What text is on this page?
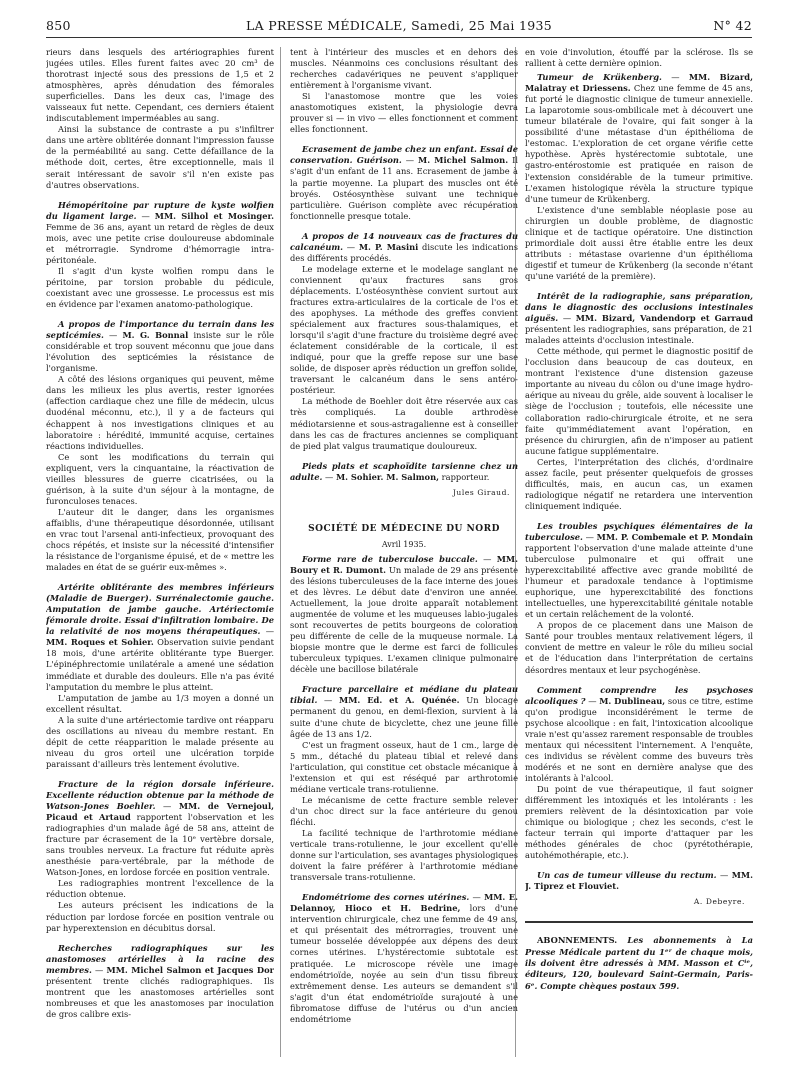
850	LA PRESSE MÉDICALE, Samedi, 25 Mai 1935	N° 42

rieurs dans lesquels des artériographies furent jugées utiles. Elles furent faites avec 20 cm³ de thorotrast injecté sous des pressions de 1,5 et 2 atmosphères, après dénudation des fémorales superficielles. Dans les deux cas, l'image des vaisseaux fut nette. Cependant, ces derniers étaient indiscutablement imperméables au sang.

Ainsi la substance de contraste a pu s'infiltrer dans une artère oblitérée donnant l'impression fausse de la perméabilité au sang. Cette défaillance de la méthode doit, certes, être exceptionnelle, mais il serait intéressant de savoir s'il n'en existe pas d'autres observations.

Hémopéritoine par rupture de kyste wolfien du ligament large. — MM. Silhol et Mosinger. Femme de 36 ans, ayant un retard de règles de deux mois, avec une petite crise douloureuse abdominale et métrorragie. Syndrome d'hémorragie intra-péritonéale.

Il s'agit d'un kyste wolfien rompu dans le péritoine, par torsion probable du pédicule, coexistant avec une grossesse. Le processus est mis en évidence par l'examen anatomo-pathologique.

A propos de l'importance du terrain dans les septicémies. — M. G. Bonnal insiste sur le rôle considérable et trop souvent méconnu que joue dans l'évolution des septicémies la résistance de l'organisme.

A côté des lésions organiques qui peuvent, même dans les milieux les plus avertis, rester ignorées (affection cardiaque chez une fille de médecin, ulcus duodénal méconnu, etc.), il y a de facteurs qui échappent à nos investigations cliniques et au laboratoire : hérédité, immunité acquise, certaines réactions individuelles.

Ce sont les modifications du terrain qui expliquent, vers la cinquantaine, la réactivation de vieilles blessures de guerre cicatrisées, ou la guérison, à la suite d'un séjour à la montagne, de furonculoses tenaces.

L'auteur dit le danger, dans les organismes affaiblis, d'une thérapeutique désordonnée, utilisant en vrac tout l'arsenal anti-infectieux, provoquant des chocs répétés, et insiste sur la nécessité d'intensifier la résistance de l'organisme épuisé, et de « mettre les malades en état de se guérir eux-mêmes ».

Artérite oblitérante des membres inférieurs (Maladie de Buerger). Surrénalectomie gauche. Amputation de jambe gauche. Artériectomie fémorale droite. Essai d'infiltration lombaire. De la relativité de nos moyens thérapeutiques. — MM. Roques et Sohier. Observation suivie pendant 18 mois, d'une artérite oblitérante type Buerger. L'épinéphrectomie unilatérale a amené une sédation immédiate et durable des douleurs. Elle n'a pas évité l'amputation du membre le plus atteint.

L'amputation de jambe au 1/3 moyen a donné un excellent résultat.

A la suite d'une artériectomie tardive ont réapparu des oscillations au niveau du membre restant. En dépit de cette réapparition le malade présente au niveau du gros orteil une ulcération torpide paraissant d'ailleurs très lentement évolutive.

Fracture de la région dorsale inférieure. Excellente réduction obtenue par la méthode de Watson-Jones Boehler. — MM. de Vernejoul, Picaud et Artaud rapportent l'observation et les radiographies d'un malade âgé de 58 ans, atteint de fracture par écrasement de la 10ᵉ vertèbre dorsale, sans troubles nerveux. La fracture fut réduite après anesthésie para-vertébrale, par la méthode de Watson-Jones, en lordose forcée en position ventrale.

Les radiographies montrent l'excellence de la réduction obtenue.

Les auteurs précisent les indications de la réduction par lordose forcée en position ventrale ou par hyperextension en décubitus dorsal.

Recherches radiographiques sur les anastomoses artérielles à la racine des membres. — MM. Michel Salmon et Jacques Dor présentent trente clichés radiographiques. Ils montrent que les anastomoses artérielles sont nombreuses et que les anastomoses par inoculation de gros calibre exis-

tent à l'intérieur des muscles et en dehors des muscles. Néanmoins ces conclusions résultant des recherches cadavériques ne peuvent s'appliquer entièrement à l'organisme vivant.

Si l'anastomose montre que les voies anastomotiques existent, la physiologie devra prouver si — in vivo — elles fonctionnent et comment elles fonctionnent.

Ecrasement de jambe chez un enfant. Essai de conservation. Guérison. — M. Michel Salmon. Il s'agit d'un enfant de 11 ans. Ecrasement de jambe à la partie moyenne. La plupart des muscles ont été broyés. Ostéosynthèse suivant une technique particulière. Guérison complète avec récupération fonctionnelle presque totale.

A propos de 14 nouveaux cas de fractures du calcanéum. — M. P. Masini discute les indications des différents procédés.

Le modelage externe et le modelage sanglant ne conviennent qu'aux fractures sans gros déplacements. L'ostéosynthèse convient surtout aux fractures extra-articulaires de la corticale de l'os et des apophyses. La méthode des greffes convient spécialement aux fractures sous-thalamiques, et lorsqu'il s'agit d'une fracture du troisième degré avec éclatement considérable de la corticale, il est indiqué, pour que la greffe repose sur une base solide, de disposer après réduction un greffon solide, traversant le calcanéum dans le sens antéro-postérieur.

La méthode de Boehler doit être réservée aux cas très compliqués. La double arthrodèse médiotarsienne et sous-astragalienne est à conseiller dans les cas de fractures anciennes se compliquant de pied plat valgus traumatique douloureux.

Pieds plats et scaphoïdite tarsienne chez un adulte. — M. Sohier. M. Salmon, rapporteur.

Jules Giraud.

SOCIÉTÉ DE MÉDECINE DU NORD
Avril 1935.

Forme rare de tuberculose buccale. — MM. Boury et R. Dumont. Un malade de 29 ans présente des lésions tuberculeuses de la face interne des joues et des lèvres. Le début date d'environ une année. Actuellement, la joue droite apparaît notablement augmentée de volume et les muqueuses labio-jugales sont recouvertes de petits bourgeons de coloration peu différente de celle de la muqueuse normale. La biopsie montre que le derme est farci de follicules tuberculeux typiques. L'examen clinique pulmonaire décèle une bacillose bilatérale

Fracture parcellaire et médiane du plateau tibial. — MM. Ed. et A. Quénée. Un blocage permanent du genou, en demi-flexion, survient à la suite d'une chute de bicyclette, chez une jeune fille âgée de 13 ans 1/2.

C'est un fragment osseux, haut de 1 cm., large de 5 mm., détaché du plateau tibial et relevé dans l'articulation, qui constitue cet obstacle mécanique à l'extension et qui est réséqué par arthrotomie médiane verticale trans-rotulienne.

Le mécanisme de cette fracture semble relever d'un choc direct sur la face antérieure du genou fléchi.

La facilité technique de l'arthrotomie médiane verticale trans-rotulienne, le jour excellent qu'elle donne sur l'articulation, ses avantages physiologiques doivent la faire préférer à l'arthrotomie médiane transversale trans-rotulienne.

Endométriome des cornes utérines. — MM. E. Delannoy, Hioco et H. Bedrine, lors d'une intervention chirurgicale, chez une femme de 49 ans, et qui présentait des métrorragies, trouvent une tumeur bosselée développée aux dépens des deux cornes utérines. L'hystérectomie subtotale est pratiquée. Le microscope révèle une image endométrioïde, noyée au sein d'un tissu fibreux extrêmement dense. Les auteurs se demandent s'il s'agit d'un état endométrioïde surajouté à une fibromatose diffuse de l'utérus ou d'un ancien endométriome

en voie d'involution, étouffé par la sclérose. Ils se rallient à cette dernière opinion.

Tumeur de Krükenberg. — MM. Bizard, Malatray et Driessens. Chez une femme de 45 ans, fut porté le diagnostic clinique de tumeur annexielle. La laparotomie sous-ombilicale met à découvert une tumeur bilatérale de l'ovaire, qui fait songer à la possibilité d'une métastase d'un épithélioma de l'estomac. L'exploration de cet organe vérifie cette hypothèse. Après hystérectomie subtotale, une gastro-entérostomie est pratiquée en raison de l'extension considérable de la tumeur primitive. L'examen histologique révèla la structure typique d'une tumeur de Krükenberg.

L'existence d'une semblable néoplasie pose au chirurgien un double problème, de diagnostic clinique et de tactique opératoire. Une distinction primordiale doit aussi être établie entre les deux attributs : métastase ovarienne d'un épithélioma digestif et tumeur de Krükenberg (la seconde n'étant qu'une variété de la première).

Intérêt de la radiographie, sans préparation, dans le diagnostic des occlusions intestinales aiguës. — MM. Bizard, Vandendorp et Garraud présentent les radiographies, sans préparation, de 21 malades atteints d'occlusion intestinale.

Cette méthode, qui permet le diagnostic positif de l'occlusion dans beaucoup de cas douteux, en montrant l'existence d'une distension gazeuse importante au niveau du côlon ou d'une image hydro-aérique au niveau du grêle, aide souvent à localiser le siège de l'occlusion ; toutefois, elle nécessite une collaboration radio-chirurgicale étroite, et ne sera faite qu'immédiatement avant l'opération, en présence du chirurgien, afin de n'imposer au patient aucune fatigue supplémentaire.

Certes, l'interprétation des clichés, d'ordinaire assez facile, peut présenter quelquefois de grosses difficultés, mais, en aucun cas, un examen radiologique négatif ne retardera une intervention cliniquement indiquée.

Les troubles psychiques élémentaires de la tuberculose. — MM. P. Combemale et P. Mondain rapportent l'observation d'une malade atteinte d'une tuberculose pulmonaire et qui offrait une hyperexcitabilité affective avec grande mobilité de l'humeur et paradoxale tendance à l'optimisme euphorique, une hyperexcitabilité des fonctions intellectuelles, une hyperexcitabilité génitale notable et un certain relâchement de la volonté.

A propos de ce placement dans une Maison de Santé pour troubles mentaux relativement légers, il convient de mettre en valeur le rôle du milieu social et de l'éducation dans l'interprétation de certains désordres mentaux et leur psychogénèse.

Comment comprendre les psychoses alcooliques ? — M. Dublineau, sous ce titre, estime qu'on prodigue inconsidérément le terme de psychose alcoolique : en fait, l'intoxication alcoolique vraie n'est qu'assez rarement responsable de troubles mentaux qui nécessitent l'internement. A l'enquête, ces individus se révèlent comme des buveurs très modérés et ne sont en dernière analyse que des intolérants à l'alcool.

Du point de vue thérapeutique, il faut soigner différemment les intoxiqués et les intolérants : les premiers relèvent de la désintoxication par voie chimique ou biologique ; chez les seconds, c'est le facteur terrain qui importe d'attaquer par les méthodes générales de choc (pyrétothérapie, autohémothérapie, etc.).

Un cas de tumeur villeuse du rectum. — MM. J. Tiprez et Flouviet.

A. Debeyre.

ABONNEMENTS. Les abonnements à La Presse Médicale partent du 1ᵉʳ de chaque mois, ils doivent être adressés à MM. Masson et Cⁱᵉ, éditeurs, 120, boulevard Saint-Germain, Paris-6ᵉ. Compte chèques postaux 599.
